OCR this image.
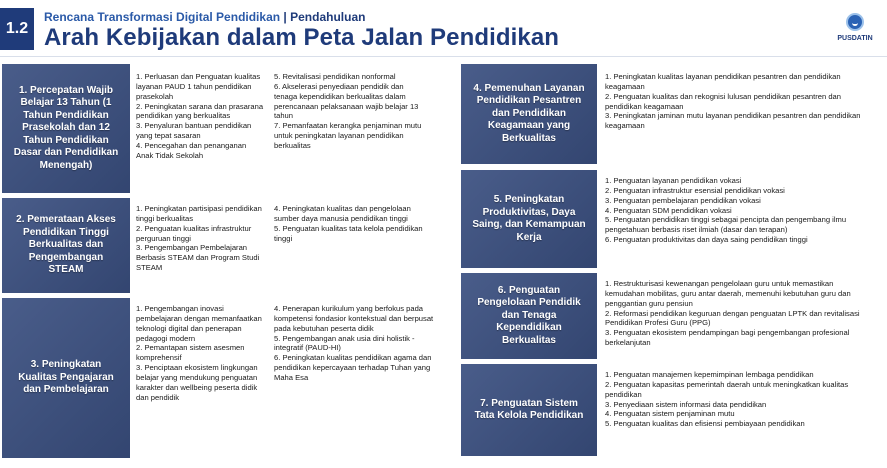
1.2
Rencana Transformasi Digital Pendidikan | Pendahuluan
Arah Kebijakan dalam Peta Jalan Pendidikan	PUSDATIN
1. Percepatan Wajib Belajar 13 Tahun (1 Tahun Pendidikan Prasekolah dan 12 Tahun Pendidikan Dasar dan Pendidikan Menengah)
1. Perluasan dan Penguatan kualitas layanan PAUD 1 tahun pendidikan prasekolah
2. Peningkatan sarana dan prasarana pendidikan yang berkualitas
3. Penyaluran bantuan pendidikan yang tepat sasaran
4. Pencegahan dan penanganan Anak Tidak Sekolah
5. Revitalisasi pendidikan nonformal
6. Akselerasi penyediaan pendidik dan tenaga kependidikan berkualitas dalam perencanaan pelaksanaan wajib belajar 13 tahun
7. Pemanfaatan kerangka penjaminan mutu untuk peningkatan layanan pendidikan berkualitas
2. Pemerataan Akses Pendidikan Tinggi Berkualitas dan Pengembangan STEAM
1. Peningkatan partisipasi pendidikan tinggi berkualitas
2. Penguatan kualitas infrastruktur perguruan tinggi
3. Pengembangan Pembelajaran Berbasis STEAM dan Program Studi STEAM
4. Peningkatan kualitas dan pengelolaan sumber daya manusia pendidikan tinggi
5. Penguatan kualitas tata kelola pendidikan tinggi
3. Peningkatan Kualitas Pengajaran dan Pembelajaran
1. Pengembangan inovasi pembelajaran dengan memanfaatkan teknologi digital dan penerapan pedagogi modern
2. Pemantapan sistem asesmen komprehensif
3. Penciptaan ekosistem lingkungan belajar yang mendukung penguatan karakter dan wellbeing peserta didik dan pendidik
4. Penerapan kurikulum yang berfokus pada kompetensi fondasior kontekstual dan berpusat pada kebutuhan peserta didik
5. Pengembangan anak usia dini holistik -integratif (PAUD-HI)
6. Peningkatan kualitas pendidikan agama dan pendidikan kepercayaan terhadap Tuhan yang Maha Esa
4. Pemenuhan Layanan Pendidikan Pesantren dan Pendidikan Keagamaan yang Berkualitas
1. Peningkatan kualitas layanan pendidikan pesantren dan pendidikan keagamaan
2. Penguatan kualitas dan rekognisi lulusan pendidikan pesantren dan pendidikan keagamaan
3. Peningkatan jaminan mutu layanan pendidikan pesantren dan pendidikan keagamaan
5. Peningkatan Produktivitas, Daya Saing, dan Kemampuan Kerja
1. Penguatan layanan pendidikan vokasi
2. Penguatan infrastruktur esensial pendidikan vokasi
3. Penguatan pembelajaran pendidikan vokasi
4. Penguatan SDM pendidikan vokasi
5. Penguatan pendidikan tinggi sebagai pencipta dan pengembang ilmu pengetahuan berbasis riset ilmiah (dasar dan terapan)
6. Penguatan produktivitas dan daya saing pendidikan tinggi
6. Penguatan Pengelolaan Pendidik dan Tenaga Kependidikan Berkualitas
1. Restrukturisasi kewenangan pengelolaan guru untuk memastikan kemudahan mobilitas, guru antar daerah, memenuhi kebutuhan guru dan penggantian guru pensiun
2. Reformasi pendidikan keguruan dengan penguatan LPTK dan revitalisasi Pendidikan Profesi Guru (PPG)
3. Penguatan ekosistem pendampingan bagi pengembangan profesional berkelanjutan
7. Penguatan Sistem Tata Kelola Pendidikan
1. Penguatan manajemen kepemimpinan lembaga pendidikan
2. Penguatan kapasitas pemerintah daerah untuk meningkatkan kualitas pendidikan
3. Penyediaan sistem informasi data pendidikan
4. Penguatan sistem penjaminan mutu
5. Penguatan kualitas dan efisiensi pembiayaan pendidikan
